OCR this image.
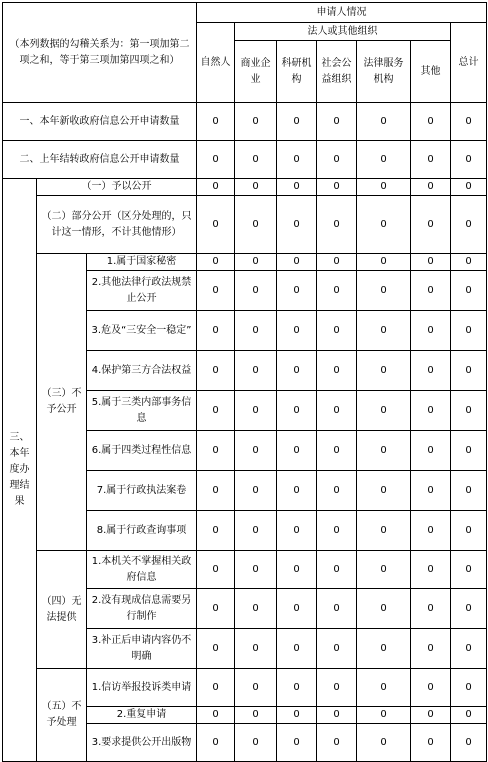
（本列数据的勾稽关系为：第一项加第二项之和，等于第三项加第四项之和）			申请人情况						
			自然人	法人或其他组织					总计
				商业企业	科研机构	社会公益组织	法律服务机构	其他	
一、本年新收政府信息公开申请数量			0	0	0	0	0	0	0
二、上年结转政府信息公开申请数量			0	0	0	0	0	0	0
三、本年度办理结果	（一）予以公开		0	0	0	0	0	0	0
	（二）部分公开（区分处理的，只计这一情形，不计其他情形）		0	0	0	0	0	0	0
	（三）不予公开	1.属于国家秘密	0	0	0	0	0	0	0
		2.其他法律行政法规禁止公开	0	0	0	0	0	0	0
		3.危及“三安全一稳定”	0	0	0	0	0	0	0
		4.保护第三方合法权益	0	0	0	0	0	0	0
		5.属于三类内部事务信息	0	0	0	0	0	0	0
		6.属于四类过程性信息	0	0	0	0	0	0	0
		7.属于行政执法案卷	0	0	0	0	0	0	0
		8.属于行政查询事项	0	0	0	0	0	0	0
	（四）无法提供	1.本机关不掌握相关政府信息	0	0	0	0	0	0	0
		2.没有现成信息需要另行制作	0	0	0	0	0	0	0
		3.补正后申请内容仍不明确	0	0	0	0	0	0	0
	（五）不予处理	1.信访举报投诉类申请	0	0	0	0	0	0	0
		2.重复申请	0	0	0	0	0	0	0
		3.要求提供公开出版物	0	0	0	0	0	0	0
